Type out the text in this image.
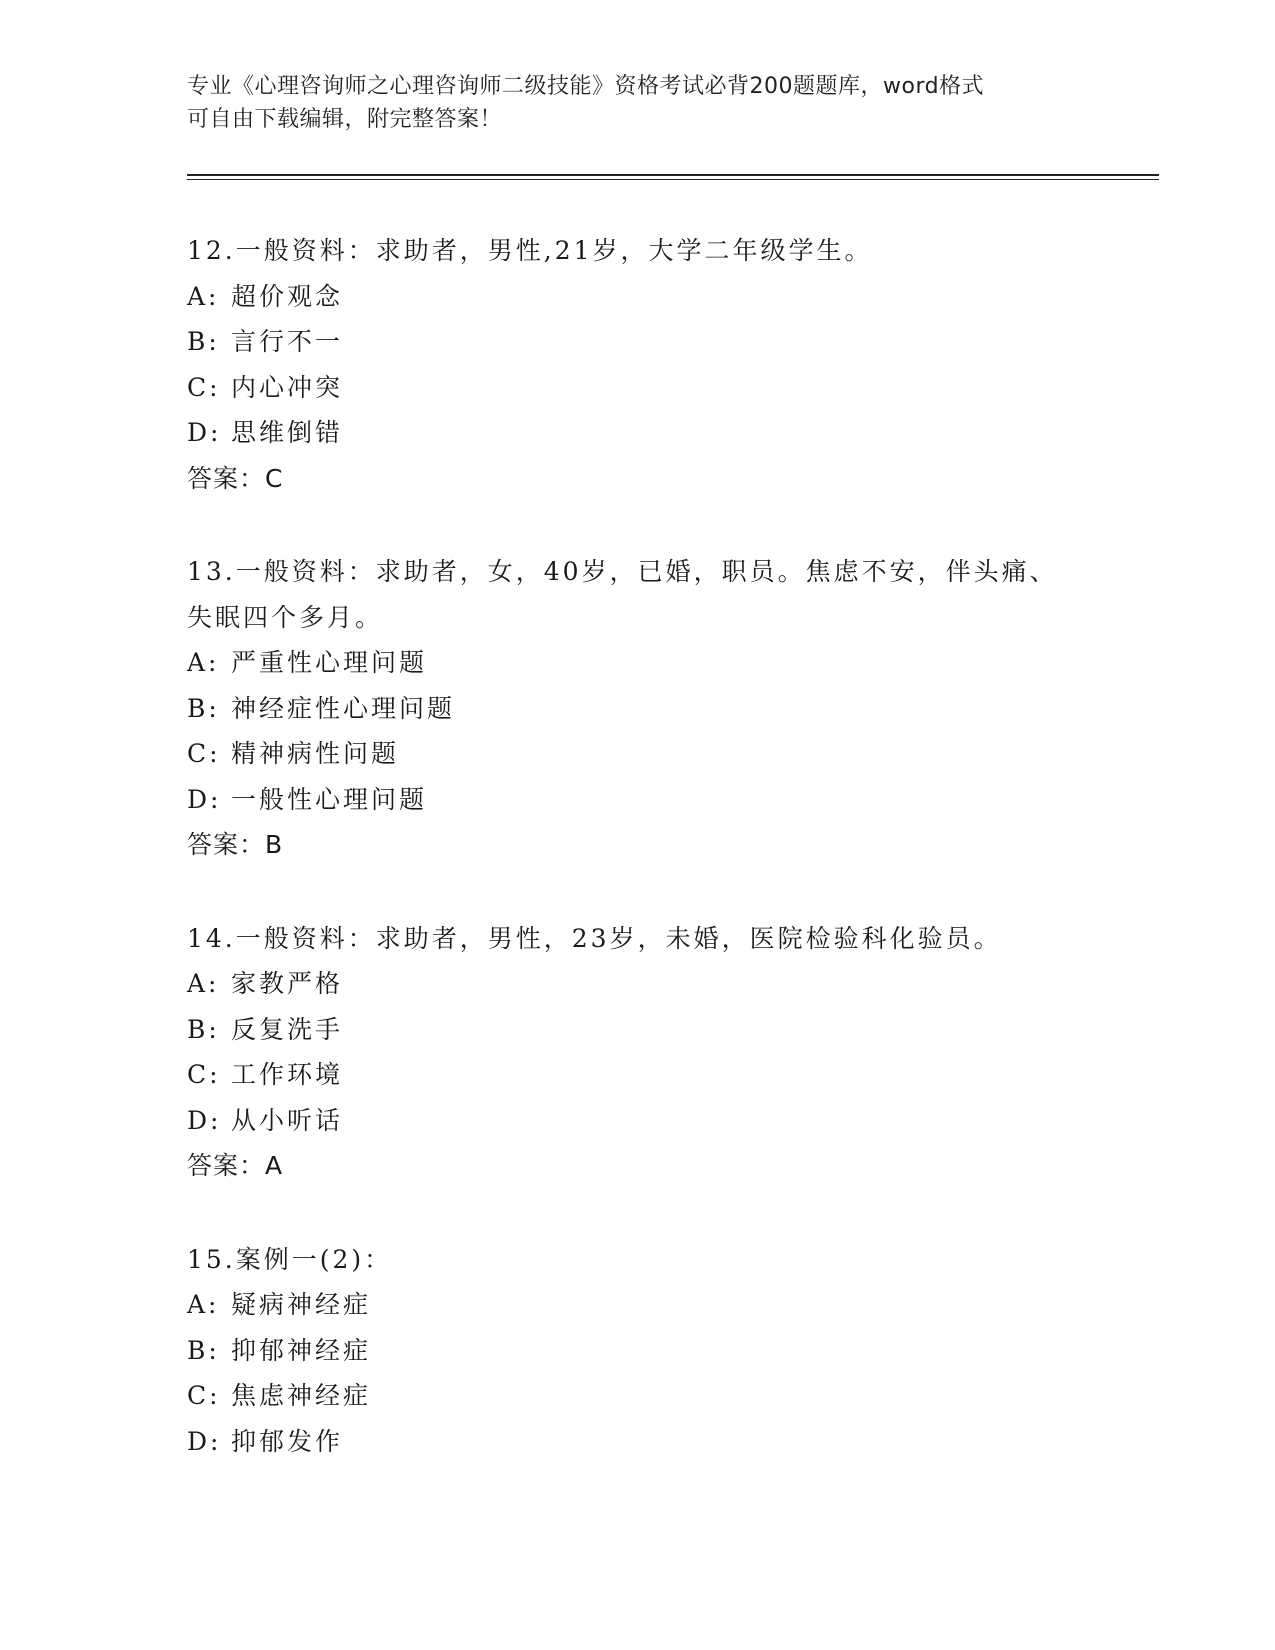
专业《心理咨询师之心理咨询师二级技能》资格考试必背200题题库，word格式
可自由下载编辑，附完整答案！

12.一般资料：求助者，男性,21岁，大学二年级学生。

A: 超价观念

B: 言行不一

C: 内心冲突

D: 思维倒错

答案：C

13.一般资料：求助者，女，40岁，已婚，职员。焦虑不安，伴头痛、失眠四个多月。

A: 严重性心理问题

B: 神经症性心理问题

C: 精神病性问题

D: 一般性心理问题

答案：B

14.一般资料：求助者，男性，23岁，未婚，医院检验科化验员。

A: 家教严格

B: 反复洗手

C: 工作环境

D: 从小听话

答案：A

15.案例一(2)：

A: 疑病神经症

B: 抑郁神经症

C: 焦虑神经症

D: 抑郁发作
